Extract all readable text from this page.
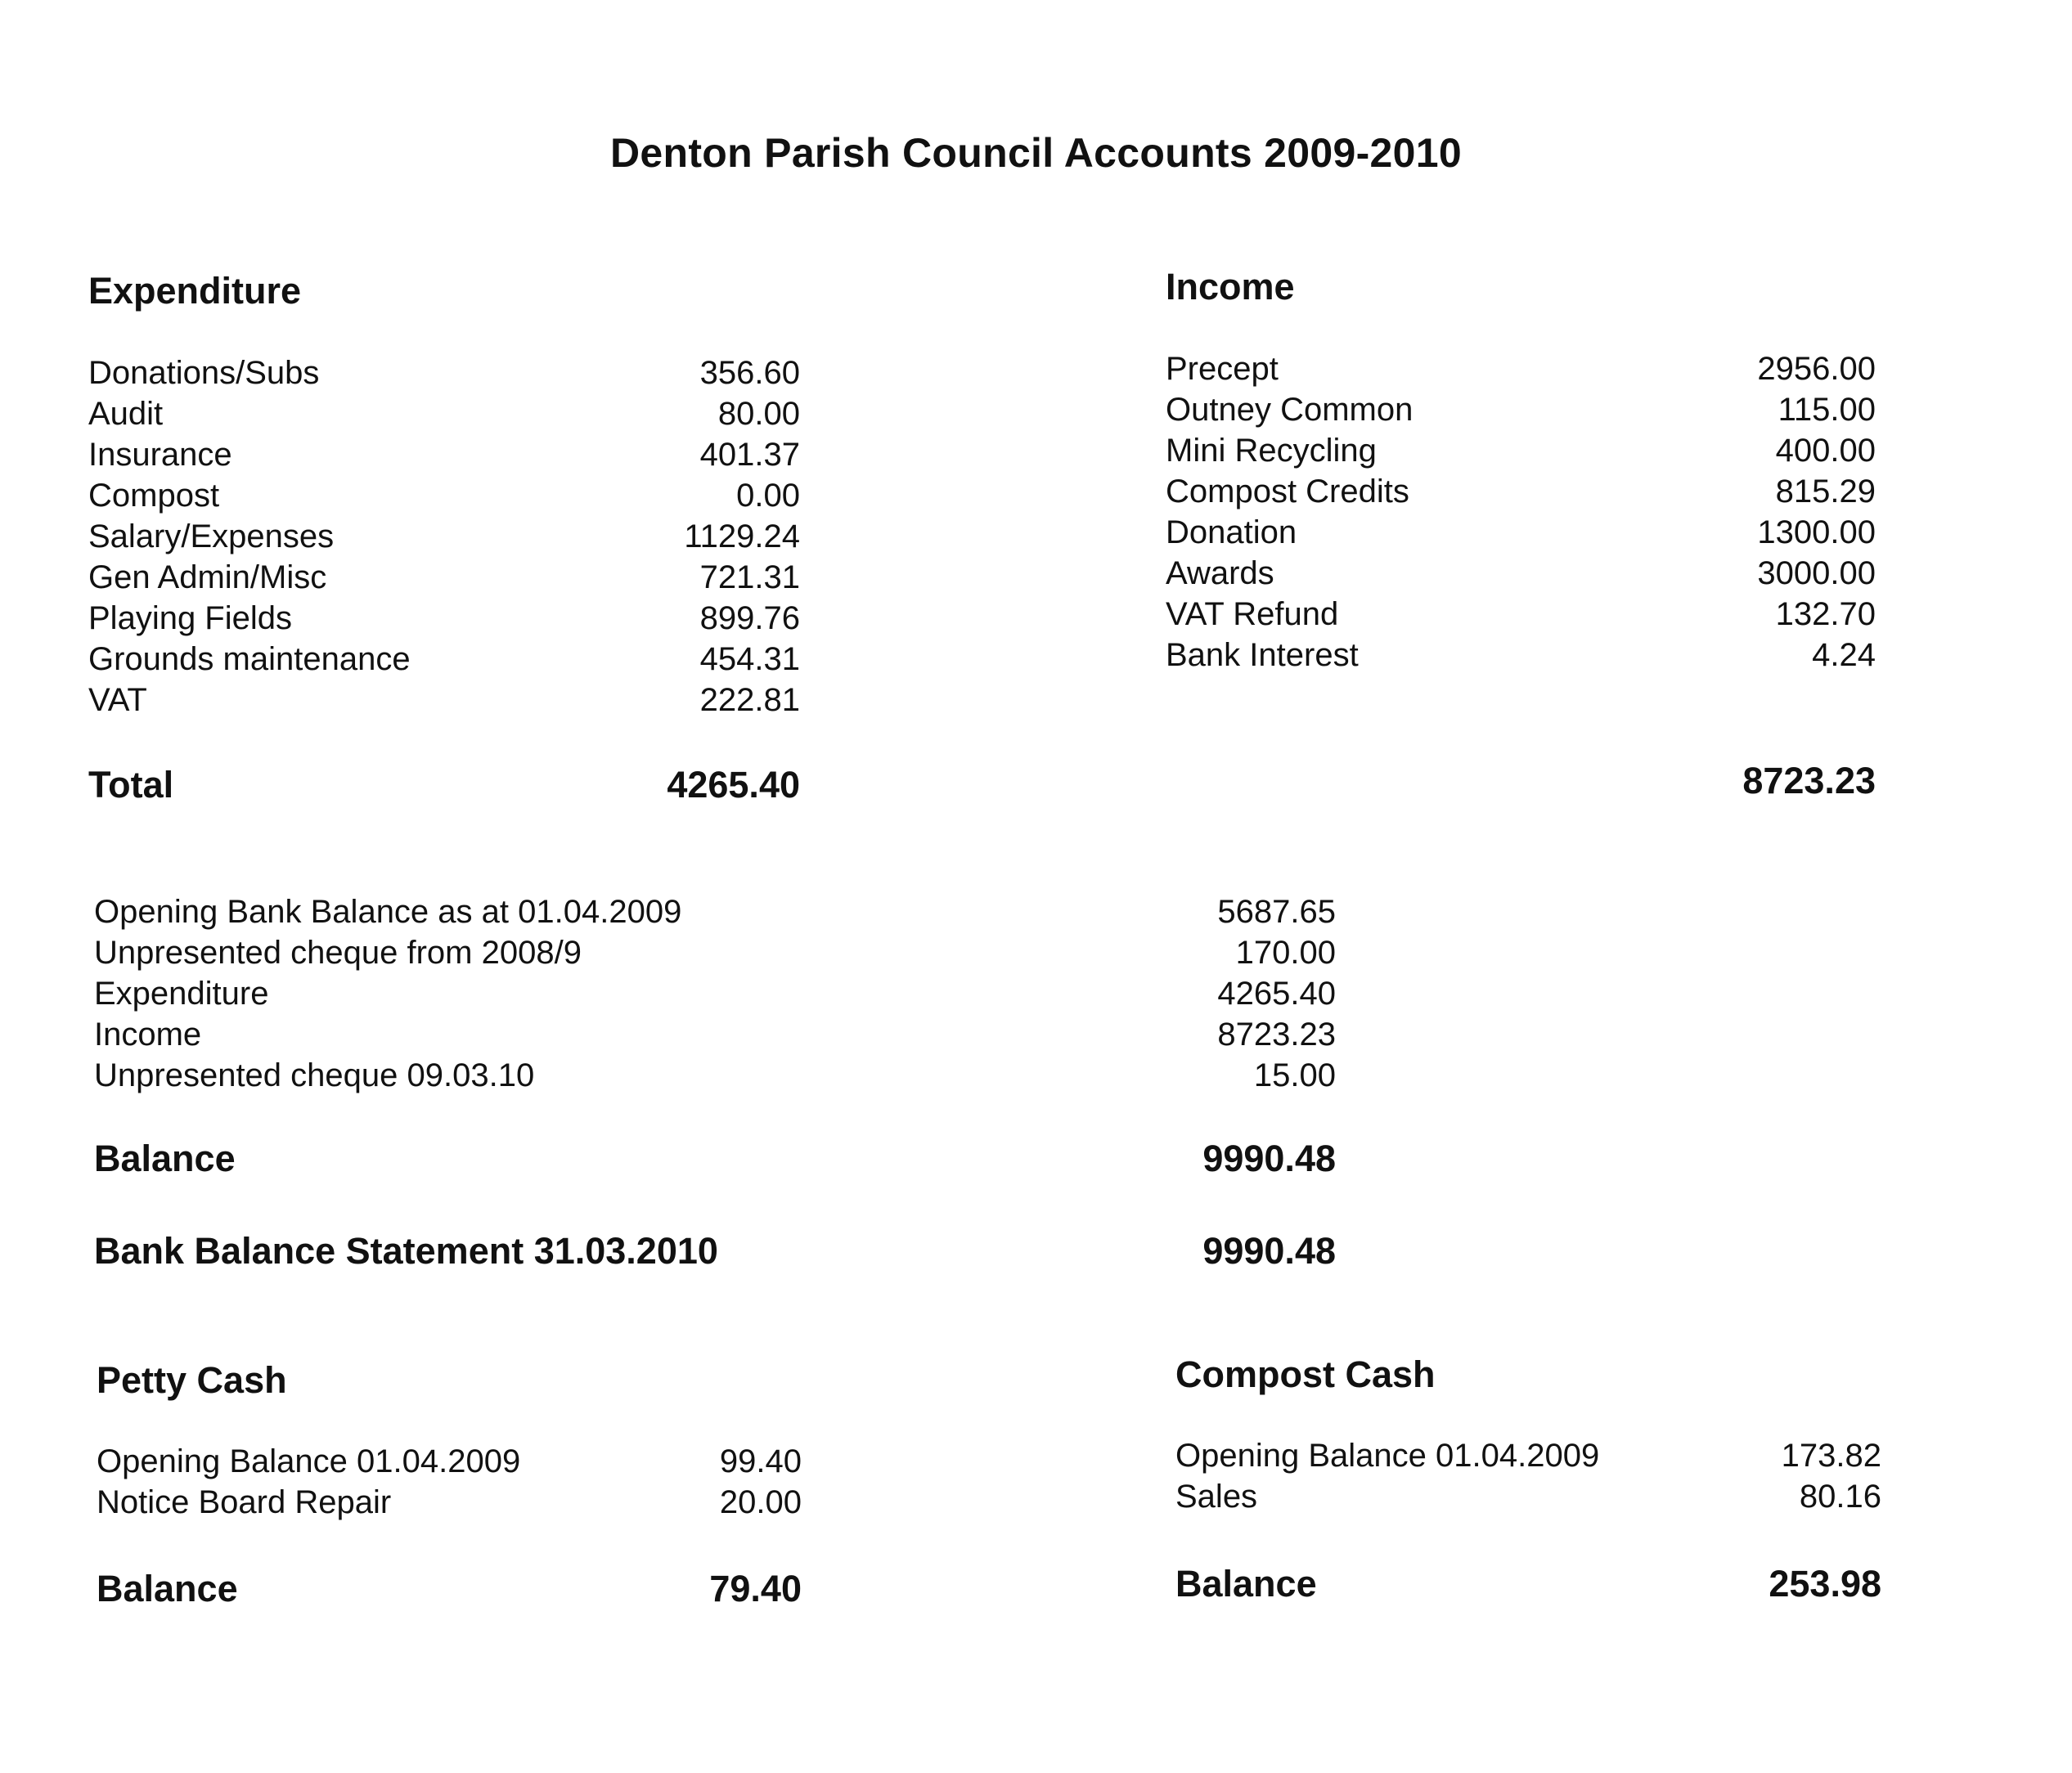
Denton Parish Council Accounts 2009-2010
Expenditure
Donations/Subs	356.60
Audit	80.00
Insurance	401.37
Compost	0.00
Salary/Expenses	1129.24
Gen Admin/Misc	721.31
Playing Fields	899.76
Grounds maintenance	454.31
VAT	222.81
Total	4265.40
Income
Precept	2956.00
Outney Common	115.00
Mini Recycling	400.00
Compost Credits	815.29
Donation	1300.00
Awards	3000.00
VAT Refund	132.70
Bank Interest	4.24
8723.23
Opening Bank Balance as at 01.04.2009	5687.65
Unpresented cheque from 2008/9	170.00
Expenditure	4265.40
Income	8723.23
Unpresented cheque 09.03.10	15.00
Balance	9990.48
Bank Balance Statement 31.03.2010	9990.48
Petty Cash
Opening Balance 01.04.2009	99.40
Notice Board Repair	20.00
Balance	79.40
Compost Cash
Opening Balance 01.04.2009	173.82
Sales	80.16
Balance	253.98
